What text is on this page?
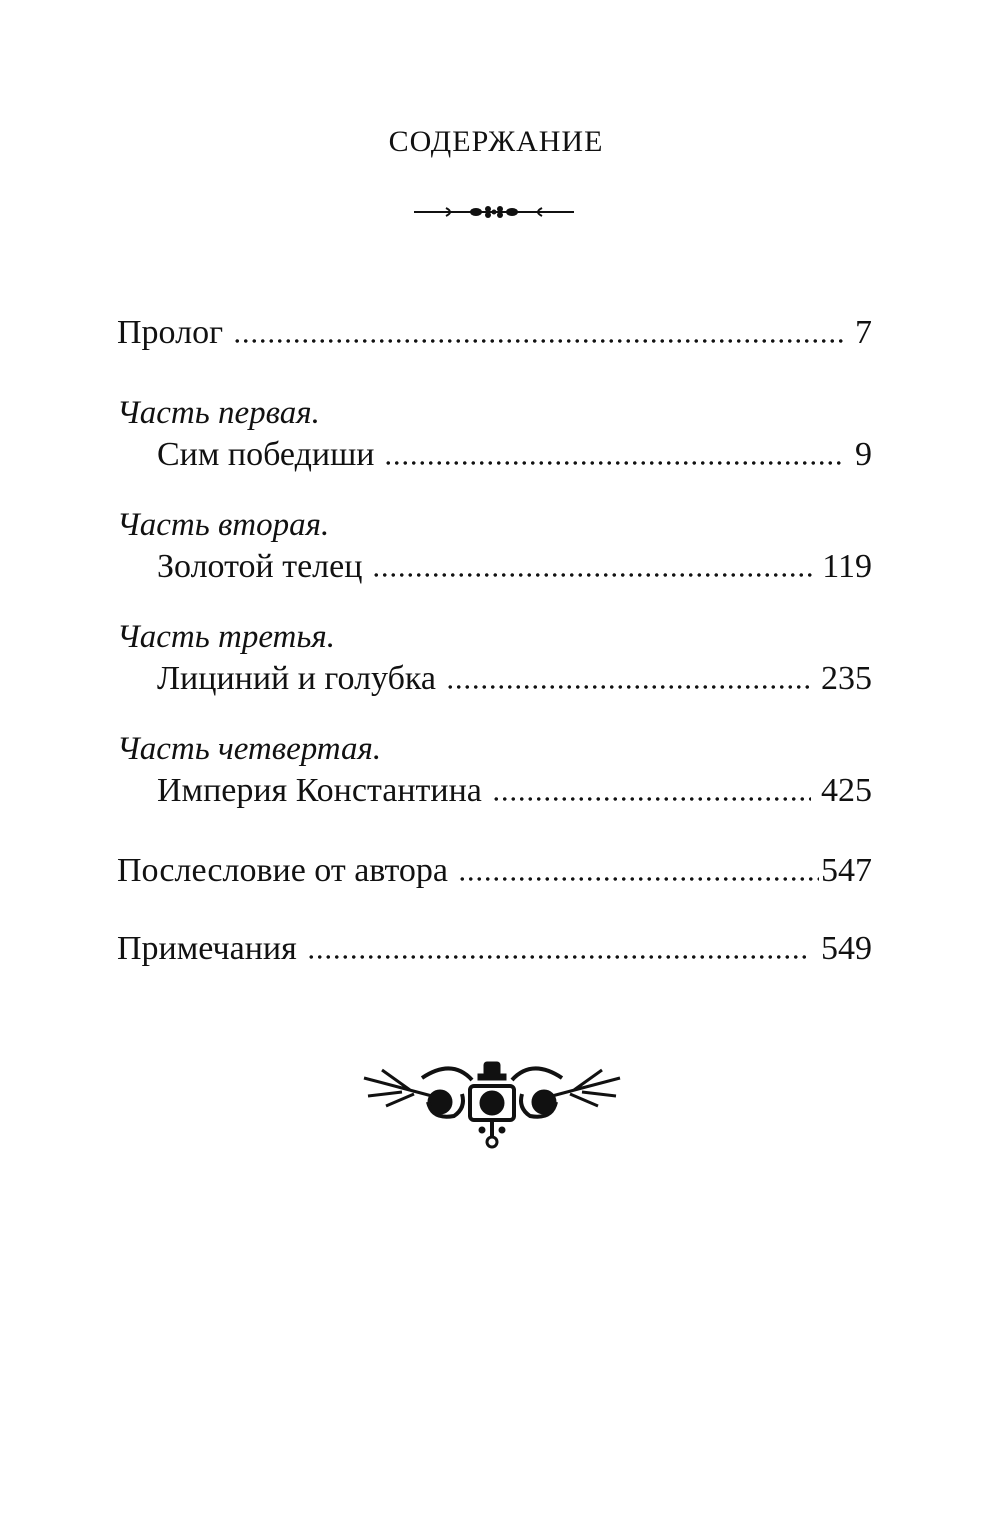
СОДЕРЖАНИЕ
Пролог	7
Часть первая.
Сим победиши	9
Часть вторая.
Золотой телец	119
Часть третья.
Лициний и голубка	235
Часть четвертая.
Империя Константина	425
Послесловие от автора	547
Примечания	549
